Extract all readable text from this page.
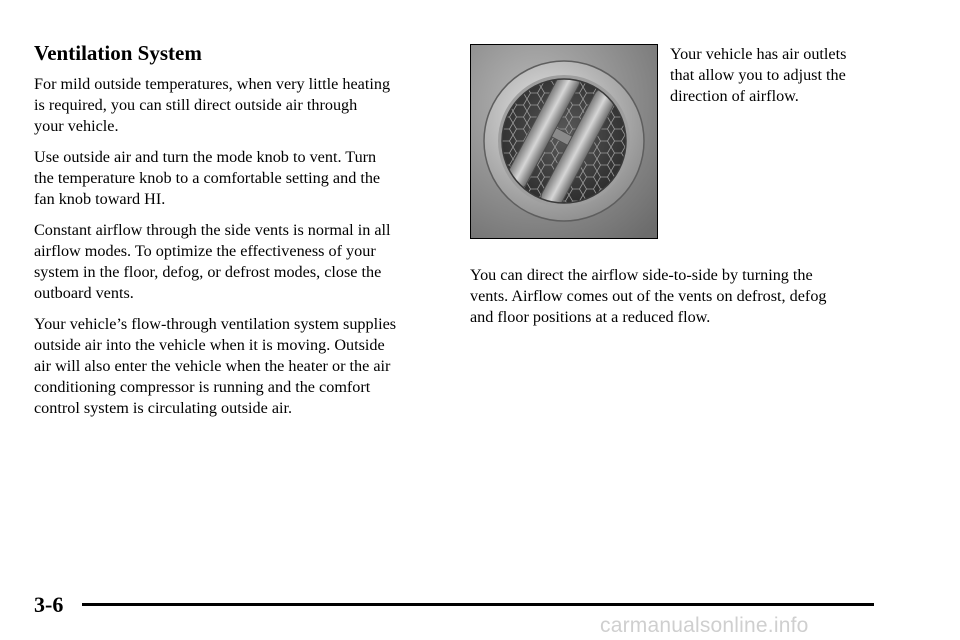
Ventilation System

For mild outside temperatures, when very little heating
is required, you can still direct outside air through
your vehicle.

Use outside air and turn the mode knob to vent. Turn
the temperature knob to a comfortable setting and the
fan knob toward HI.

Constant airflow through the side vents is normal in all
airflow modes. To optimize the effectiveness of your
system in the floor, defog, or defrost modes, close the
outboard vents.

Your vehicle’s flow-through ventilation system supplies
outside air into the vehicle when it is moving. Outside
air will also enter the vehicle when the heater or the air
conditioning compressor is running and the comfort
control system is circulating outside air.

Your vehicle has air outlets
that allow you to adjust the
direction of airflow.
You can direct the airflow side-to-side by turning the
vents. Airflow comes out of the vents on defrost, defog
and floor positions at a reduced flow.
3-6
carmanualsonline.info
